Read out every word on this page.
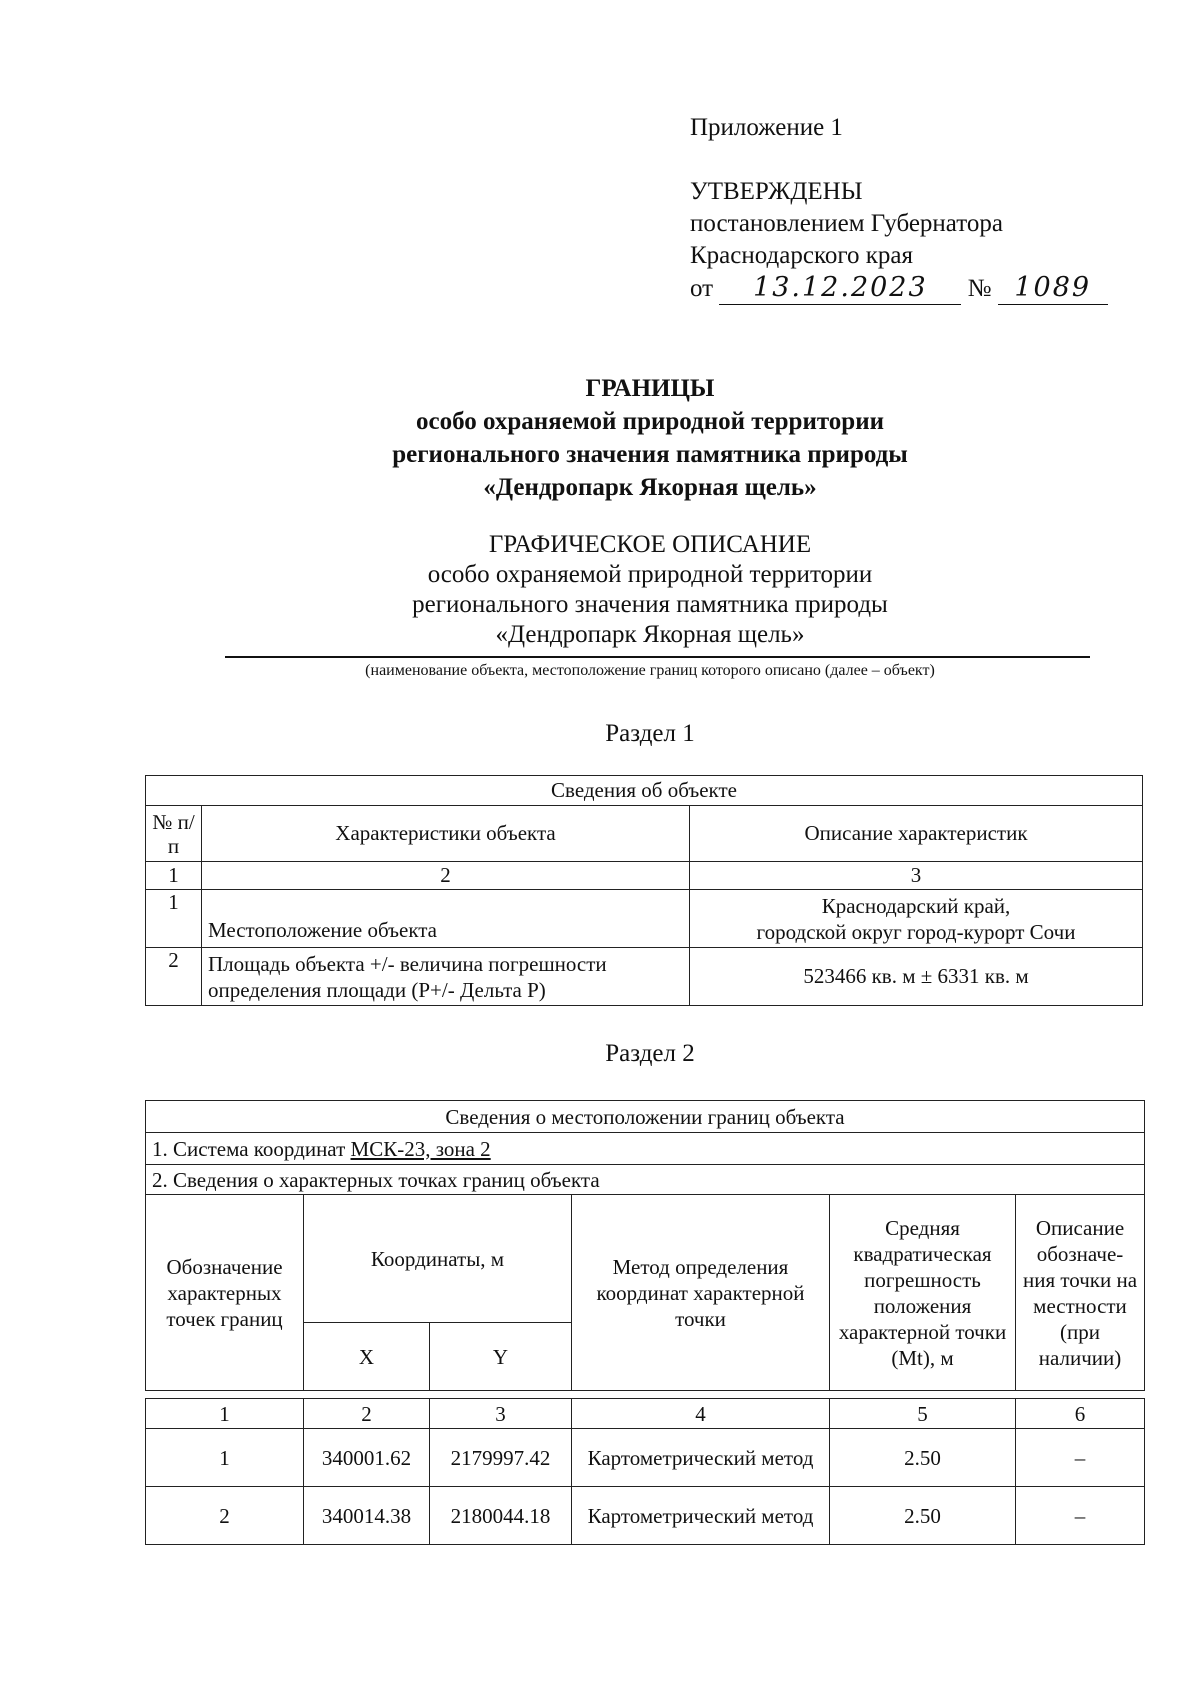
Приложение 1
УТВЕРЖДЕНЫ
постановлением Губернатора
Краснодарского края
от 13.12.2023 № 1089
ГРАНИЦЫ
особо охраняемой природной территории
регионального значения памятника природы
«Дендропарк Якорная щель»
ГРАФИЧЕСКОЕ ОПИСАНИЕ
особо охраняемой природной территории
регионального значения памятника природы
«Дендропарк Якорная щель»
(наименование объекта, местоположение границ которого описано (далее – объект)
Раздел 1
Сведения об объекте		
№ п/п	Характеристики объекта	Описание характеристик
1	2	3
1	Местоположение объекта	Краснодарский край,
городской округ город-курорт Сочи

2	Площадь объекта +/- величина погрешности
определения площади (P+/- Дельта P)	523466 кв. м ± 6331 кв. м
Раздел 2
Сведения о местоположении границ объекта					
1. Система координат МСК-23, зона 2					
2. Сведения о характерных точках границ объекта					
Обозначение характерных точек границ	Координаты, м		Метод определения координат характерной точки	Средняя квадратическая погрешность положения характерной точки (Mt), м	Описание обозначе-ния точки на местности (при наличии)
	X	Y			

1	2	3	4	5	6
1	340001.62	2179997.42	Картометрический метод	2.50	–
2	340014.38	2180044.18	Картометрический метод	2.50	–
